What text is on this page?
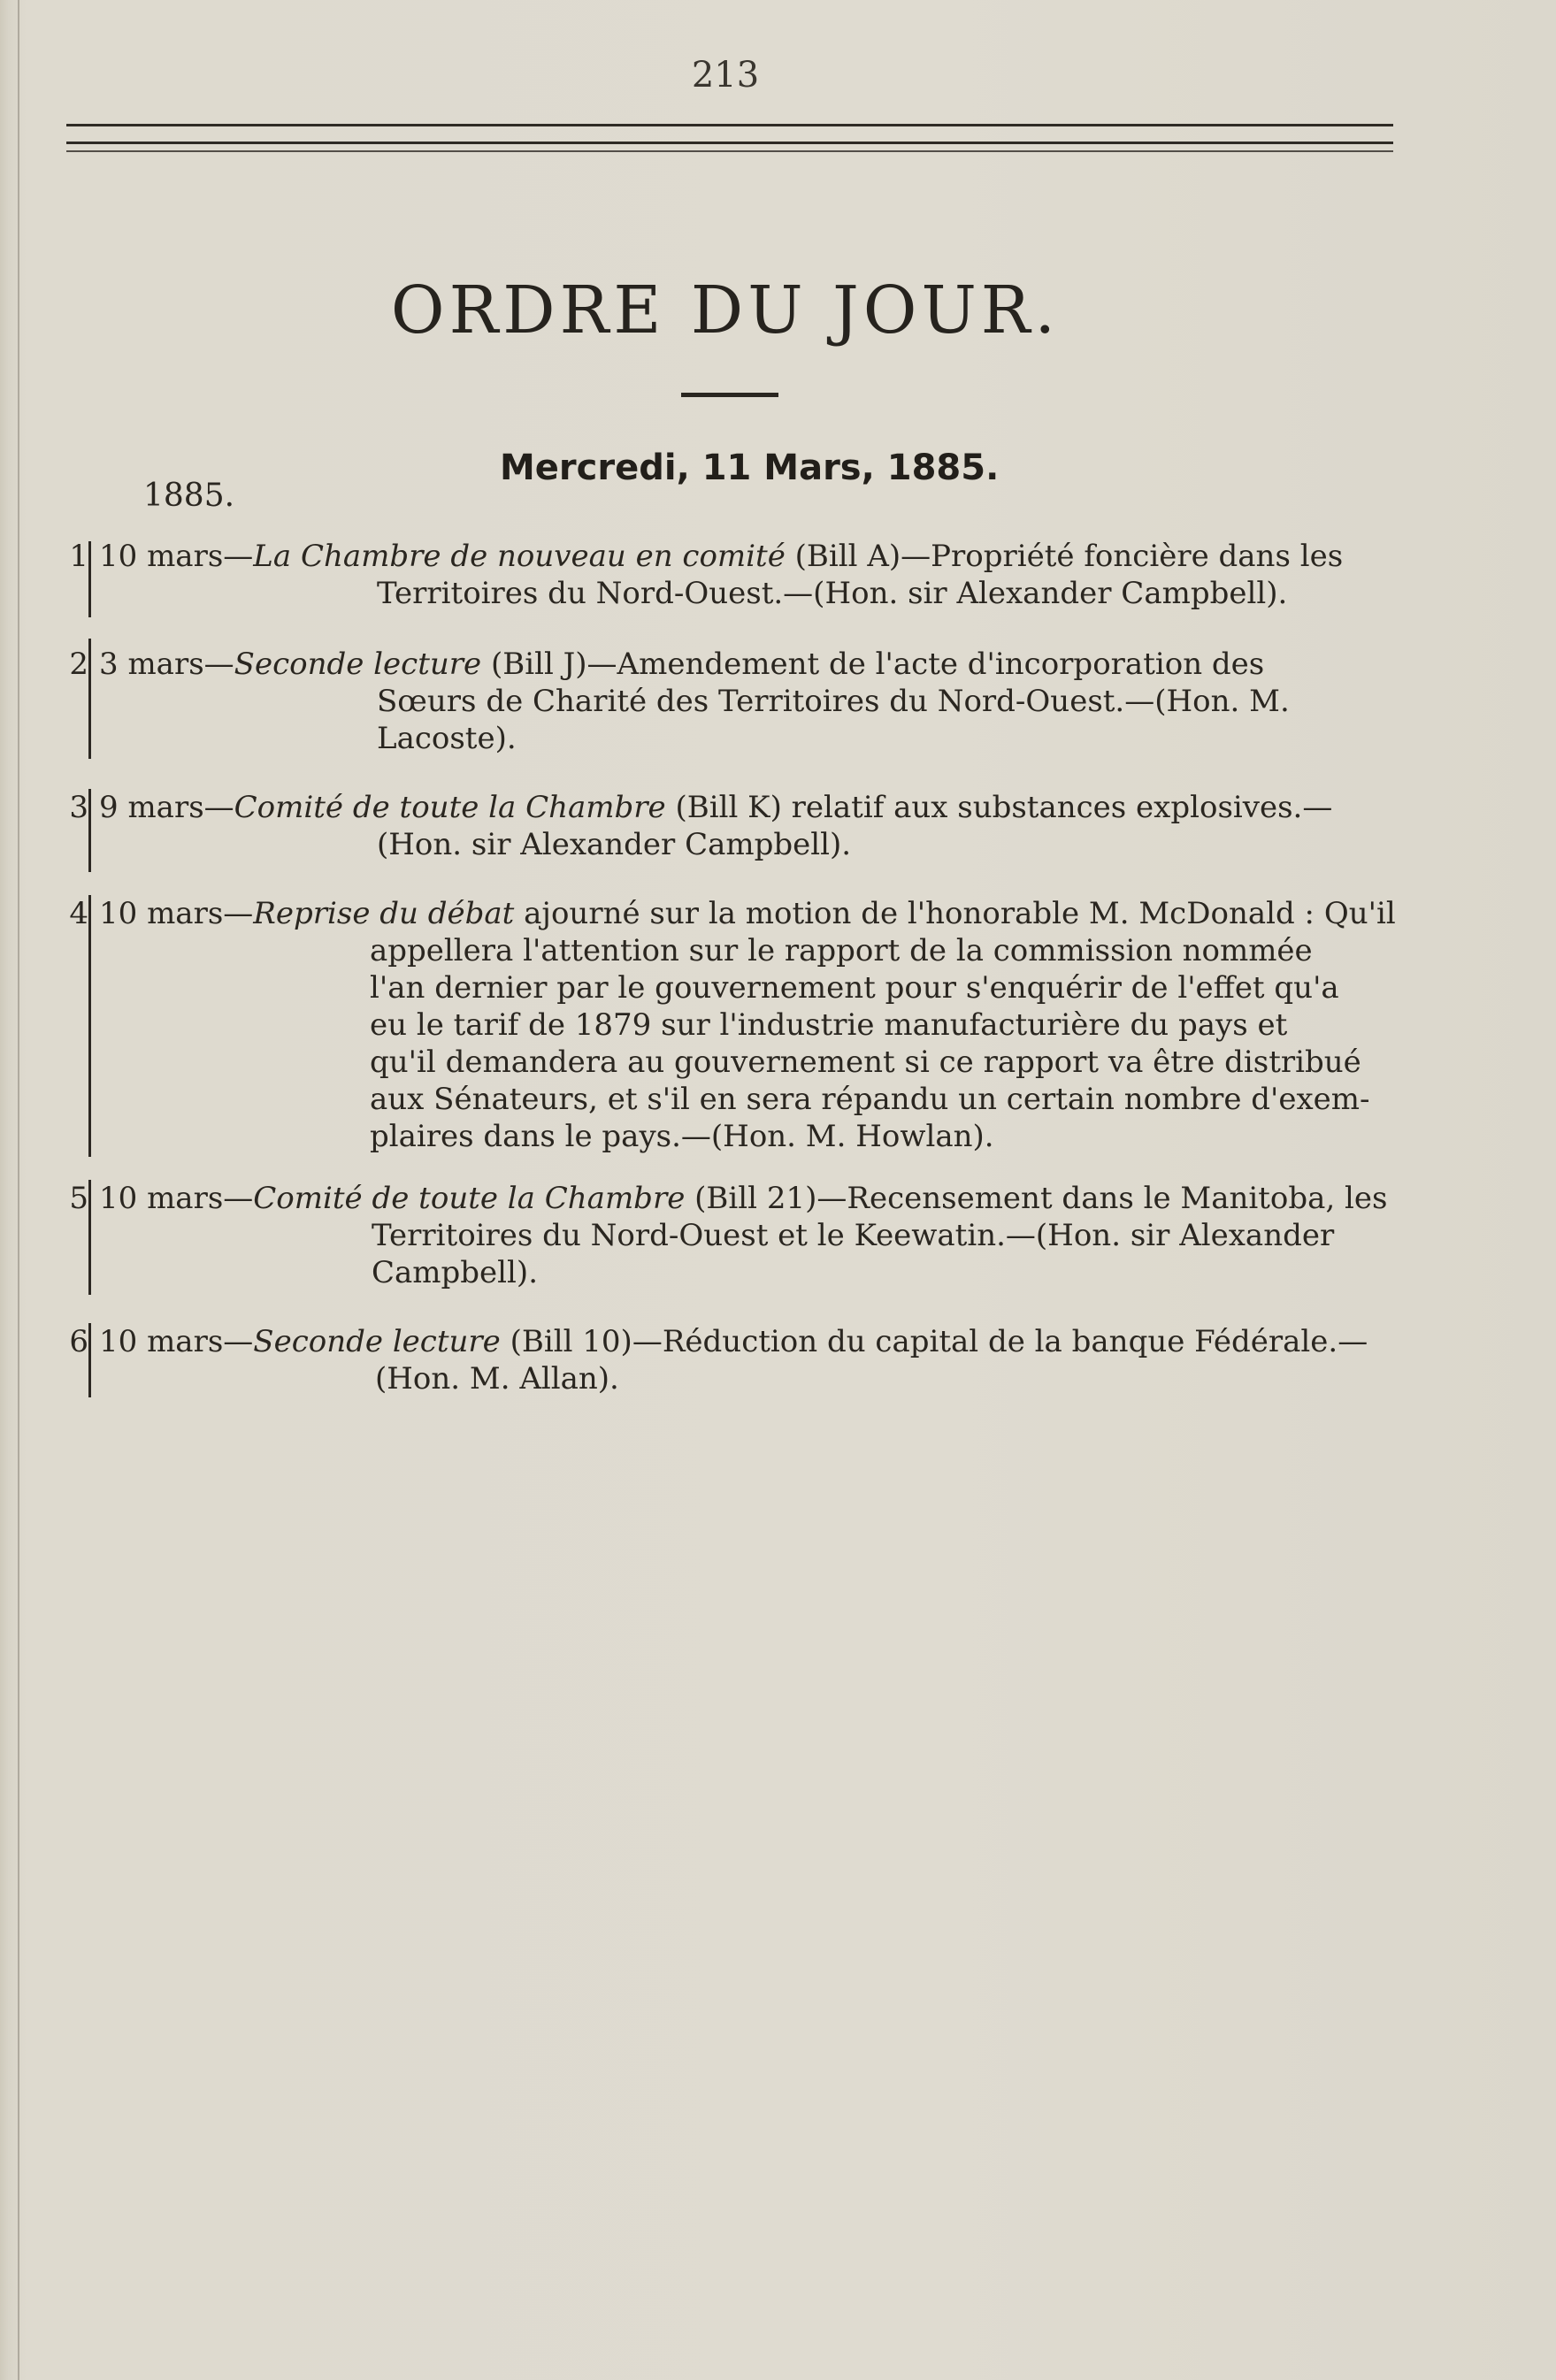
213
ORDRE DU JOUR.
Mercredi, 11 Mars, 1885.
1885.
1 10 mars—La Chambre de nouveau en comité (Bill A)—Propriété foncière dans les
Territoires du Nord-Ouest.—(Hon. sir Alexander Campbell).
2 3 mars—Seconde lecture (Bill J)—Amendement de l'acte d'incorporation des
Sœurs de Charité des Territoires du Nord-Ouest.—(Hon. M.
Lacoste).
3 9 mars—Comité de toute la Chambre (Bill K) relatif aux substances explosives.—
(Hon. sir Alexander Campbell).
4 10 mars—Reprise du débat ajourné sur la motion de l'honorable M. McDonald : Qu'il
appellera l'attention sur le rapport de la commission nommée
l'an dernier par le gouvernement pour s'enquérir de l'effet qu'a
eu le tarif de 1879 sur l'industrie manufacturière du pays et
qu'il demandera au gouvernement si ce rapport va être distribué
aux Sénateurs, et s'il en sera répandu un certain nombre d'exem-
plaires dans le pays.—(Hon. M. Howlan).
5 10 mars—Comité de toute la Chambre (Bill 21)—Recensement dans le Manitoba, les
Territoires du Nord-Ouest et le Keewatin.—(Hon. sir Alexander
Campbell).
6 10 mars—Seconde lecture (Bill 10)—Réduction du capital de la banque Fédérale.—
(Hon. M. Allan).
